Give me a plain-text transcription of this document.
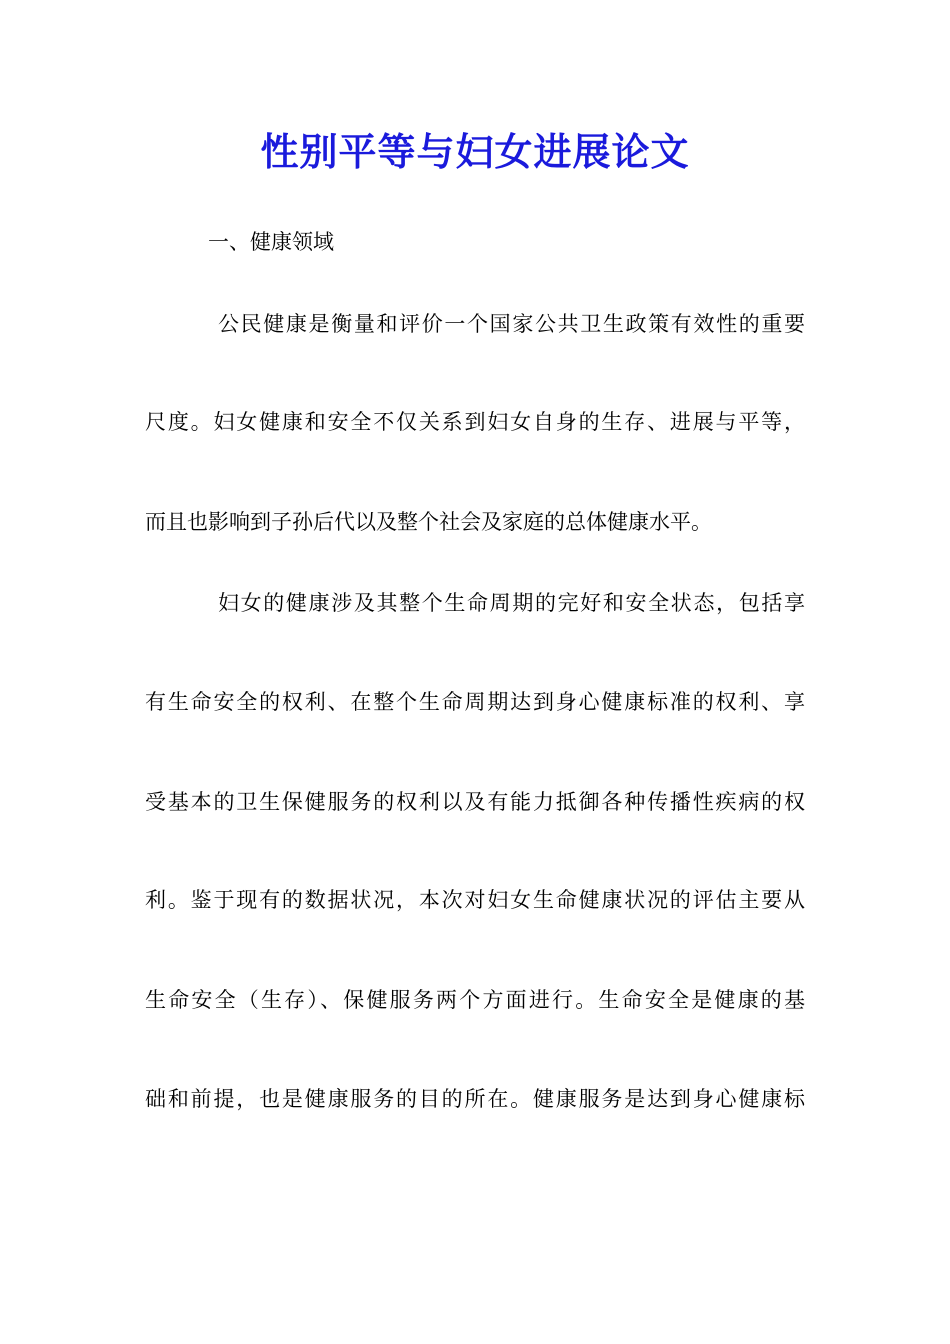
性别平等与妇女进展论文

一、健康领域

公民健康是衡量和评价一个国家公共卫生政策有效性的重要

尺度。妇女健康和安全不仅关系到妇女自身的生存、进展与平等，

而且也影响到子孙后代以及整个社会及家庭的总体健康水平。

妇女的健康涉及其整个生命周期的完好和安全状态，包括享

有生命安全的权利、在整个生命周期达到身心健康标准的权利、享

受基本的卫生保健服务的权利以及有能力抵御各种传播性疾病的权

利。鉴于现有的数据状况，本次对妇女生命健康状况的评估主要从

生命安全（生存）、保健服务两个方面进行。生命安全是健康的基

础和前提，也是健康服务的目的所在。健康服务是达到身心健康标
